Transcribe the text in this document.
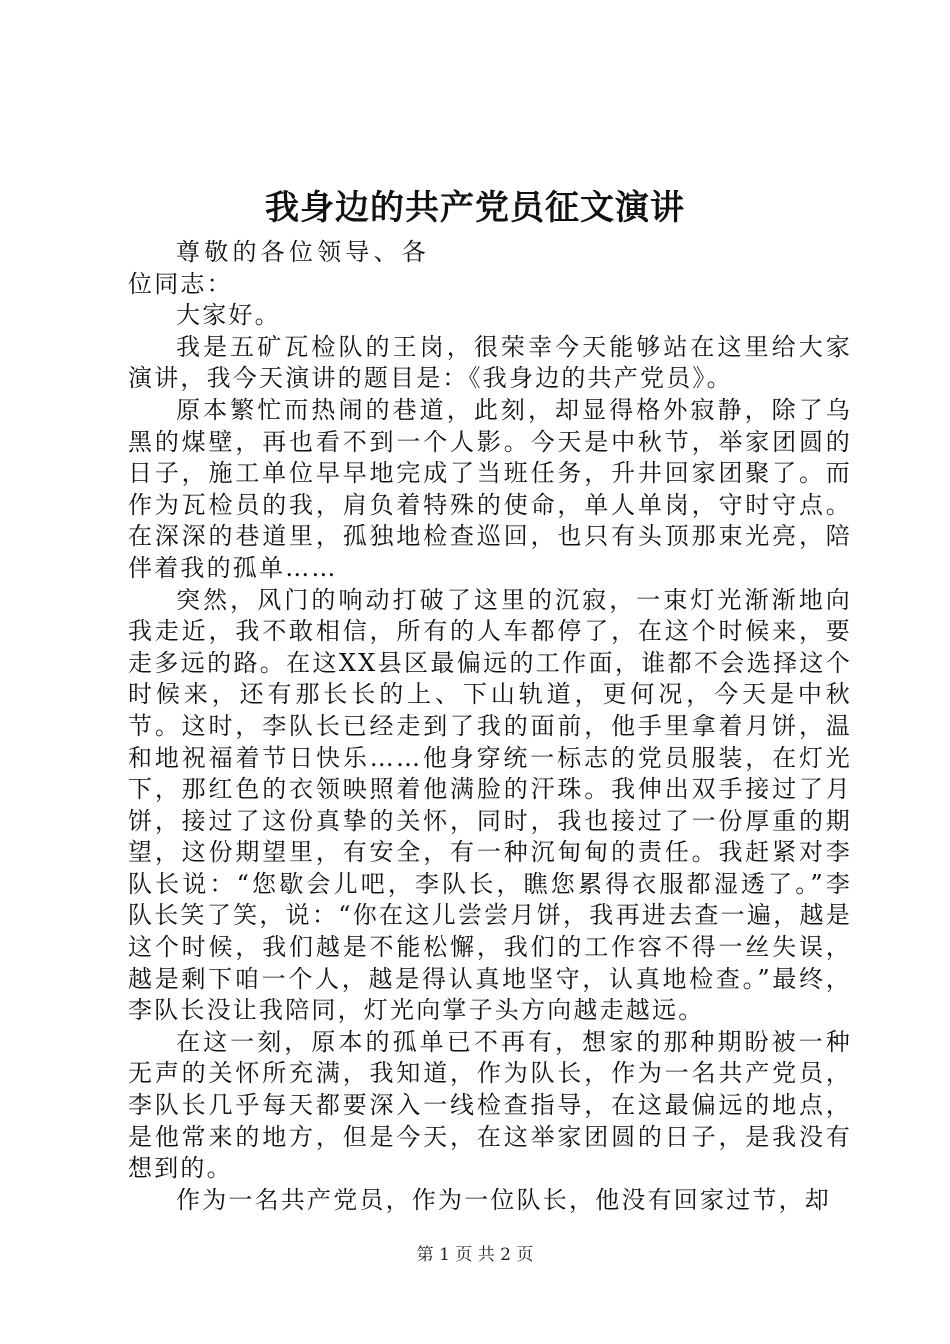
我身边的共产党员征文演讲

尊敬的各位领导、各位同志：

大家好。

我是五矿瓦检队的王岗，很荣幸今天能够站在这里给大家演讲，我今天演讲的题目是：《我身边的共产党员》。

原本繁忙而热闹的巷道，此刻，却显得格外寂静，除了乌黑的煤壁，再也看不到一个人影。今天是中秋节，举家团圆的日子，施工单位早早地完成了当班任务，升井回家团聚了。而作为瓦检员的我，肩负着特殊的使命，单人单岗，守时守点。在深深的巷道里，孤独地检查巡回，也只有头顶那束光亮，陪伴着我的孤单……

突然，风门的响动打破了这里的沉寂，一束灯光渐渐地向我走近，我不敢相信，所有的人车都停了，在这个时候来，要走多远的路。在这XX县区最偏远的工作面，谁都不会选择这个时候来，还有那长长的上、下山轨道，更何况，今天是中秋节。这时，李队长已经走到了我的面前，他手里拿着月饼，温和地祝福着节日快乐……他身穿统一标志的党员服装，在灯光下，那红色的衣领映照着他满脸的汗珠。我伸出双手接过了月饼，接过了这份真挚的关怀，同时，我也接过了一份厚重的期望，这份期望里，有安全，有一种沉甸甸的责任。我赶紧对李队长说：“您歇会儿吧，李队长，瞧您累得衣服都湿透了。”李队长笑了笑，说：“你在这儿尝尝月饼，我再进去查一遍，越是这个时候，我们越是不能松懈，我们的工作容不得一丝失误，越是剩下咱一个人，越是得认真地坚守，认真地检查。”最终，李队长没让我陪同，灯光向掌子头方向越走越远。

在这一刻，原本的孤单已不再有，想家的那种期盼被一种无声的关怀所充满，我知道，作为队长，作为一名共产党员，李队长几乎每天都要深入一线检查指导，在这最偏远的地点，是他常来的地方，但是今天，在这举家团圆的日子，是我没有想到的。

作为一名共产党员，作为一位队长，他没有回家过节，却

第 1 页 共 2 页
